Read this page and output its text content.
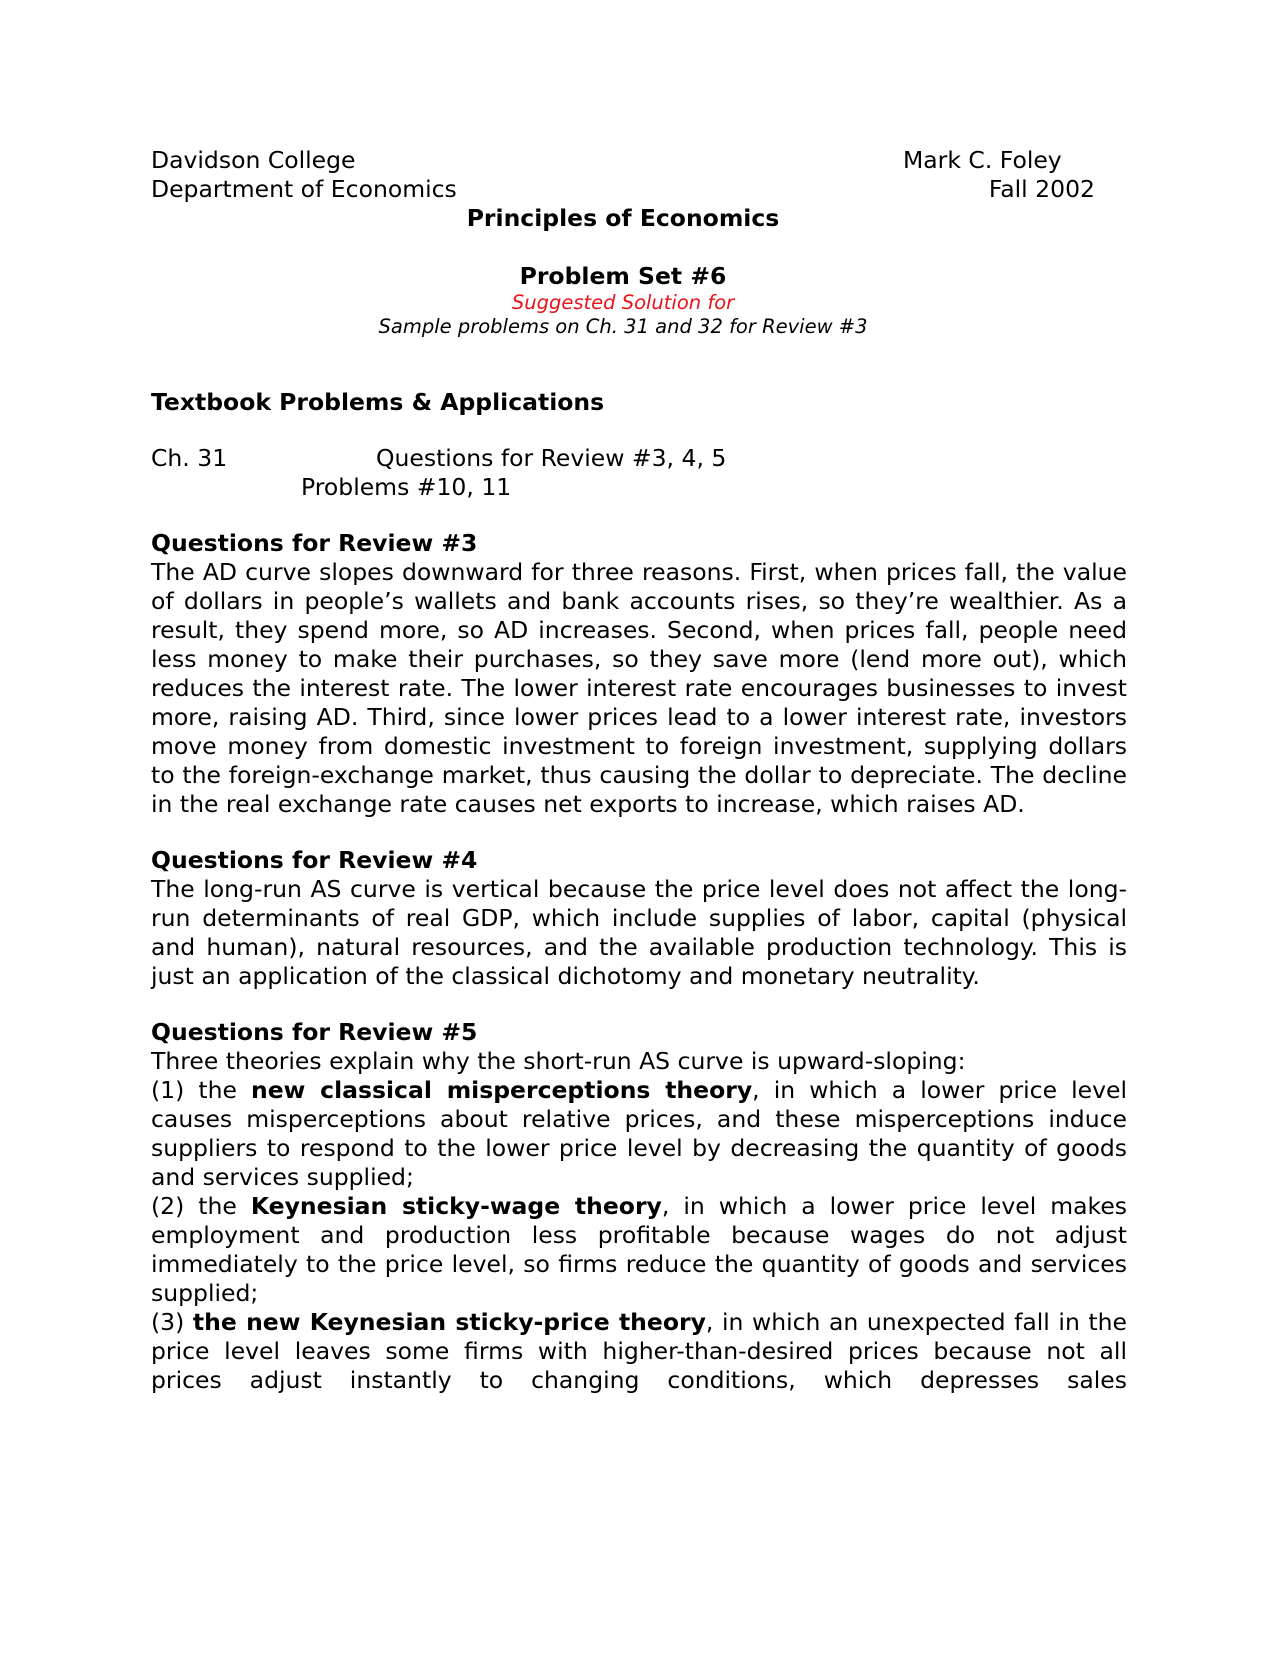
Davidson College	Mark C. Foley
Department of Economics	Fall 2002
Principles of Economics
Problem Set #6
Suggested Solution for
Sample problems on Ch. 31 and 32 for Review #3
Textbook Problems & Applications
Ch. 31	Questions for Review #3, 4, 5
Problems #10, 11
Questions for Review #3

The AD curve slopes downward for three reasons. First, when prices fall, the value of dollars in people’s wallets and bank accounts rises, so they’re wealthier. As a result, they spend more, so AD increases. Second, when prices fall, people need less money to make their purchases, so they save more (lend more out), which reduces the interest rate. The lower interest rate encourages businesses to invest more, raising AD. Third, since lower prices lead to a lower interest rate, investors move money from domestic investment to foreign investment, supplying dollars to the foreign-exchange market, thus causing the dollar to depreciate. The decline in the real exchange rate causes net exports to increase, which raises AD.

Questions for Review #4

The long-run AS curve is vertical because the price level does not affect the long-run determinants of real GDP, which include supplies of labor, capital (physical and human), natural resources, and the available production technology. This is just an application of the classical dichotomy and monetary neutrality.

Questions for Review #5

Three theories explain why the short-run AS curve is upward-sloping:

(1) the new classical misperceptions theory, in which a lower price level causes misperceptions about relative prices, and these misperceptions induce suppliers to respond to the lower price level by decreasing the quantity of goods and services supplied;

(2) the Keynesian sticky-wage theory, in which a lower price level makes employment and production less profitable because wages do not adjust immediately to the price level, so firms reduce the quantity of goods and services supplied;

(3) the new Keynesian sticky-price theory, in which an unexpected fall in the price level leaves some firms with higher-than-desired prices because not all prices adjust instantly to changing conditions, which depresses sales
